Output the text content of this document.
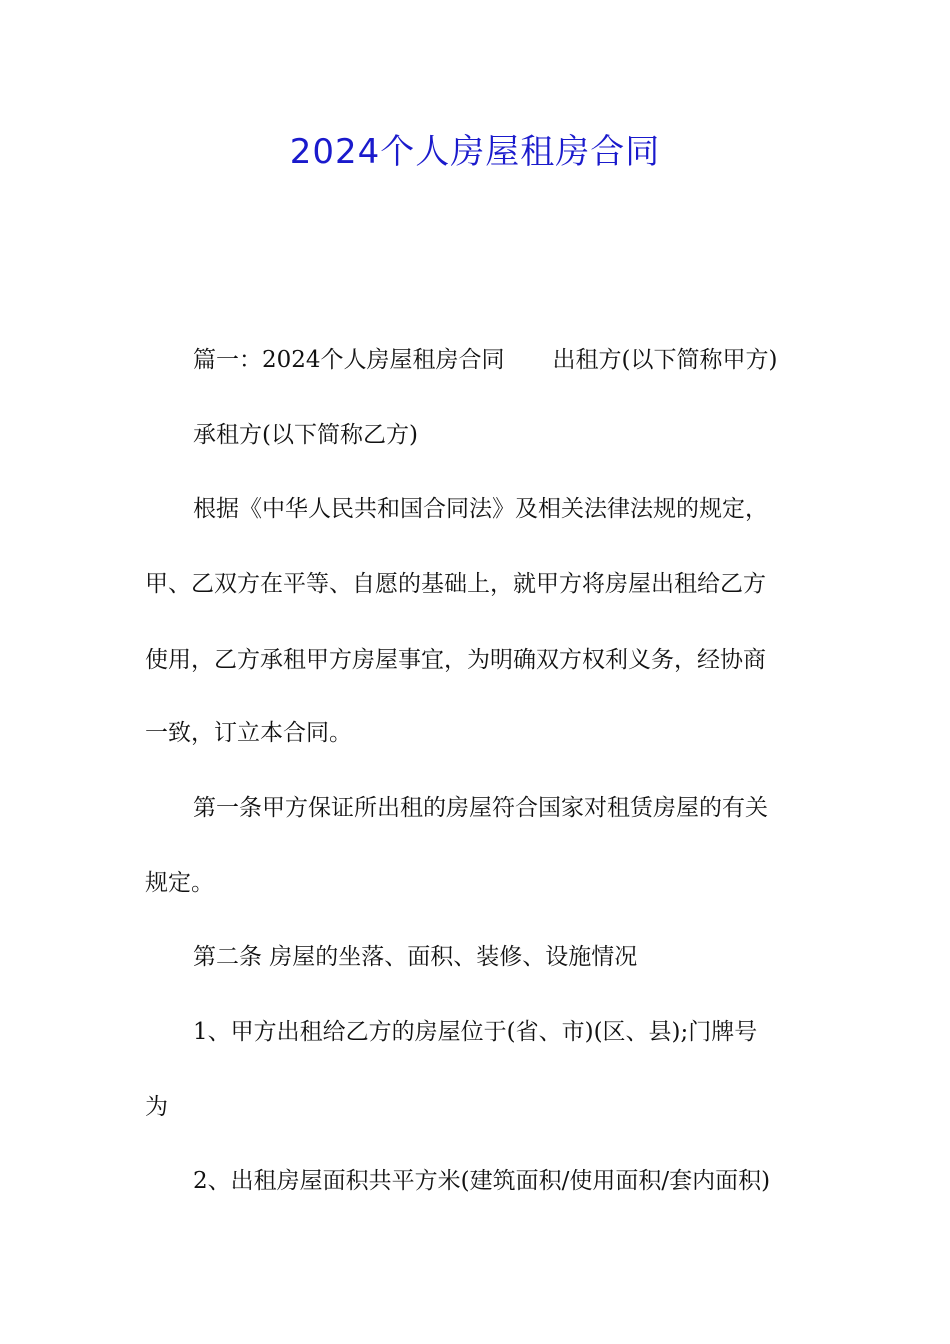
2024个人房屋租房合同

篇一：2024个人房屋租房合同 出租方(以下简称甲方)

承租方(以下简称乙方)

根据《中华人民共和国合同法》及相关法律法规的规定，

甲、乙双方在平等、自愿的基础上，就甲方将房屋出租给乙方

使用，乙方承租甲方房屋事宜，为明确双方权利义务，经协商

一致，订立本合同。

第一条甲方保证所出租的房屋符合国家对租赁房屋的有关

规定。

第二条 房屋的坐落、面积、装修、设施情况

1、甲方出租给乙方的房屋位于(省、市)(区、县);门牌号

为

2、出租房屋面积共平方米(建筑面积/使用面积/套内面积)
